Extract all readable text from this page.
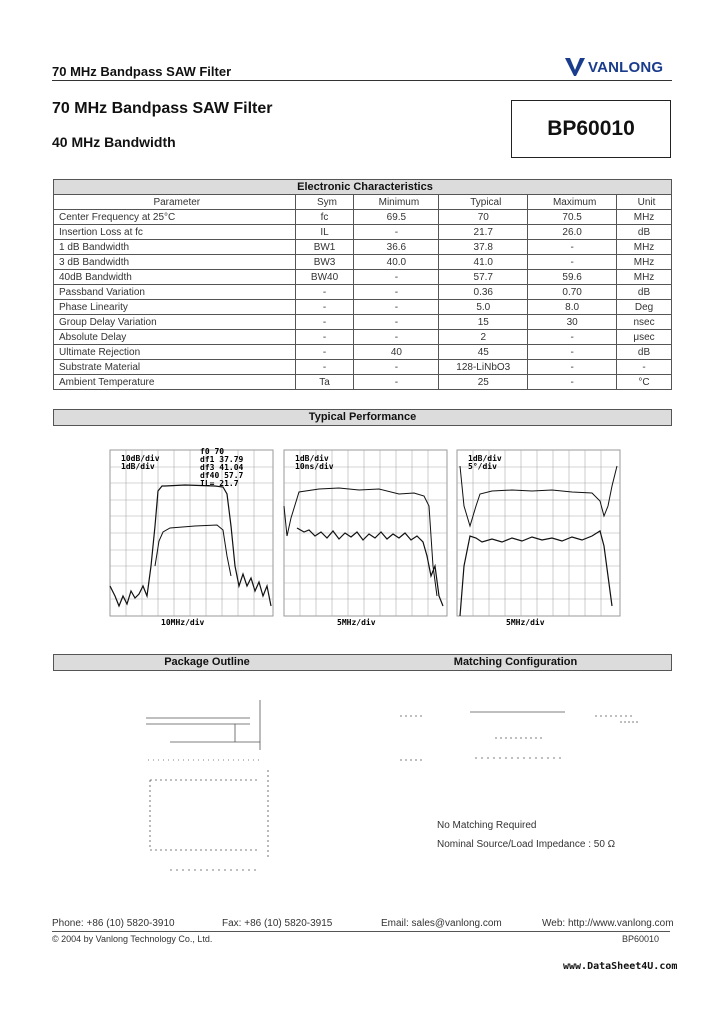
70 MHz Bandpass SAW Filter	VANLONG
70 MHz Bandpass SAW Filter
40 MHz Bandwidth
BP60010
Electronic Characteristics					
Parameter	Sym	Minimum	Typical	Maximum	Unit
Center Frequency at 25°C	fc	69.5	70	70.5	MHz
Insertion Loss at fc	IL	-	21.7	26.0	dB
1 dB Bandwidth	BW1	36.6	37.8	-	MHz
3 dB Bandwidth	BW3	40.0	41.0	-	MHz
40dB Bandwidth	BW40	-	57.7	59.6	MHz
Passband Variation	-	-	0.36	0.70	dB
Phase Linearity	-	-	5.0	8.0	Deg
Group Delay Variation	-	-	15	30	nsec
Absolute Delay	-	-	2	-	μsec
Ultimate Rejection	-	40	45	-	dB
Substrate Material	-	-	128-LiNbO3	-	-
Ambient Temperature	Ta	-	25	-	°C
Typical Performance
10dB/div
1dB/div
f0 70
df1 37.79
df3 41.04
df40 57.7
IL= 21.7
10MHz/div
1dB/div
10ns/div
5MHz/div
1dB/div
5°/div
5MHz/div
Package Outline	Matching Configuration
No Matching Required
Nominal Source/Load Impedance : 50 Ω
Phone: +86 (10) 5820-3910	Fax: +86 (10) 5820-3915	Email: sales@vanlong.com	Web: http://www.vanlong.com
© 2004 by Vanlong Technology Co., Ltd.	BP60010
www.DataSheet4U.com
